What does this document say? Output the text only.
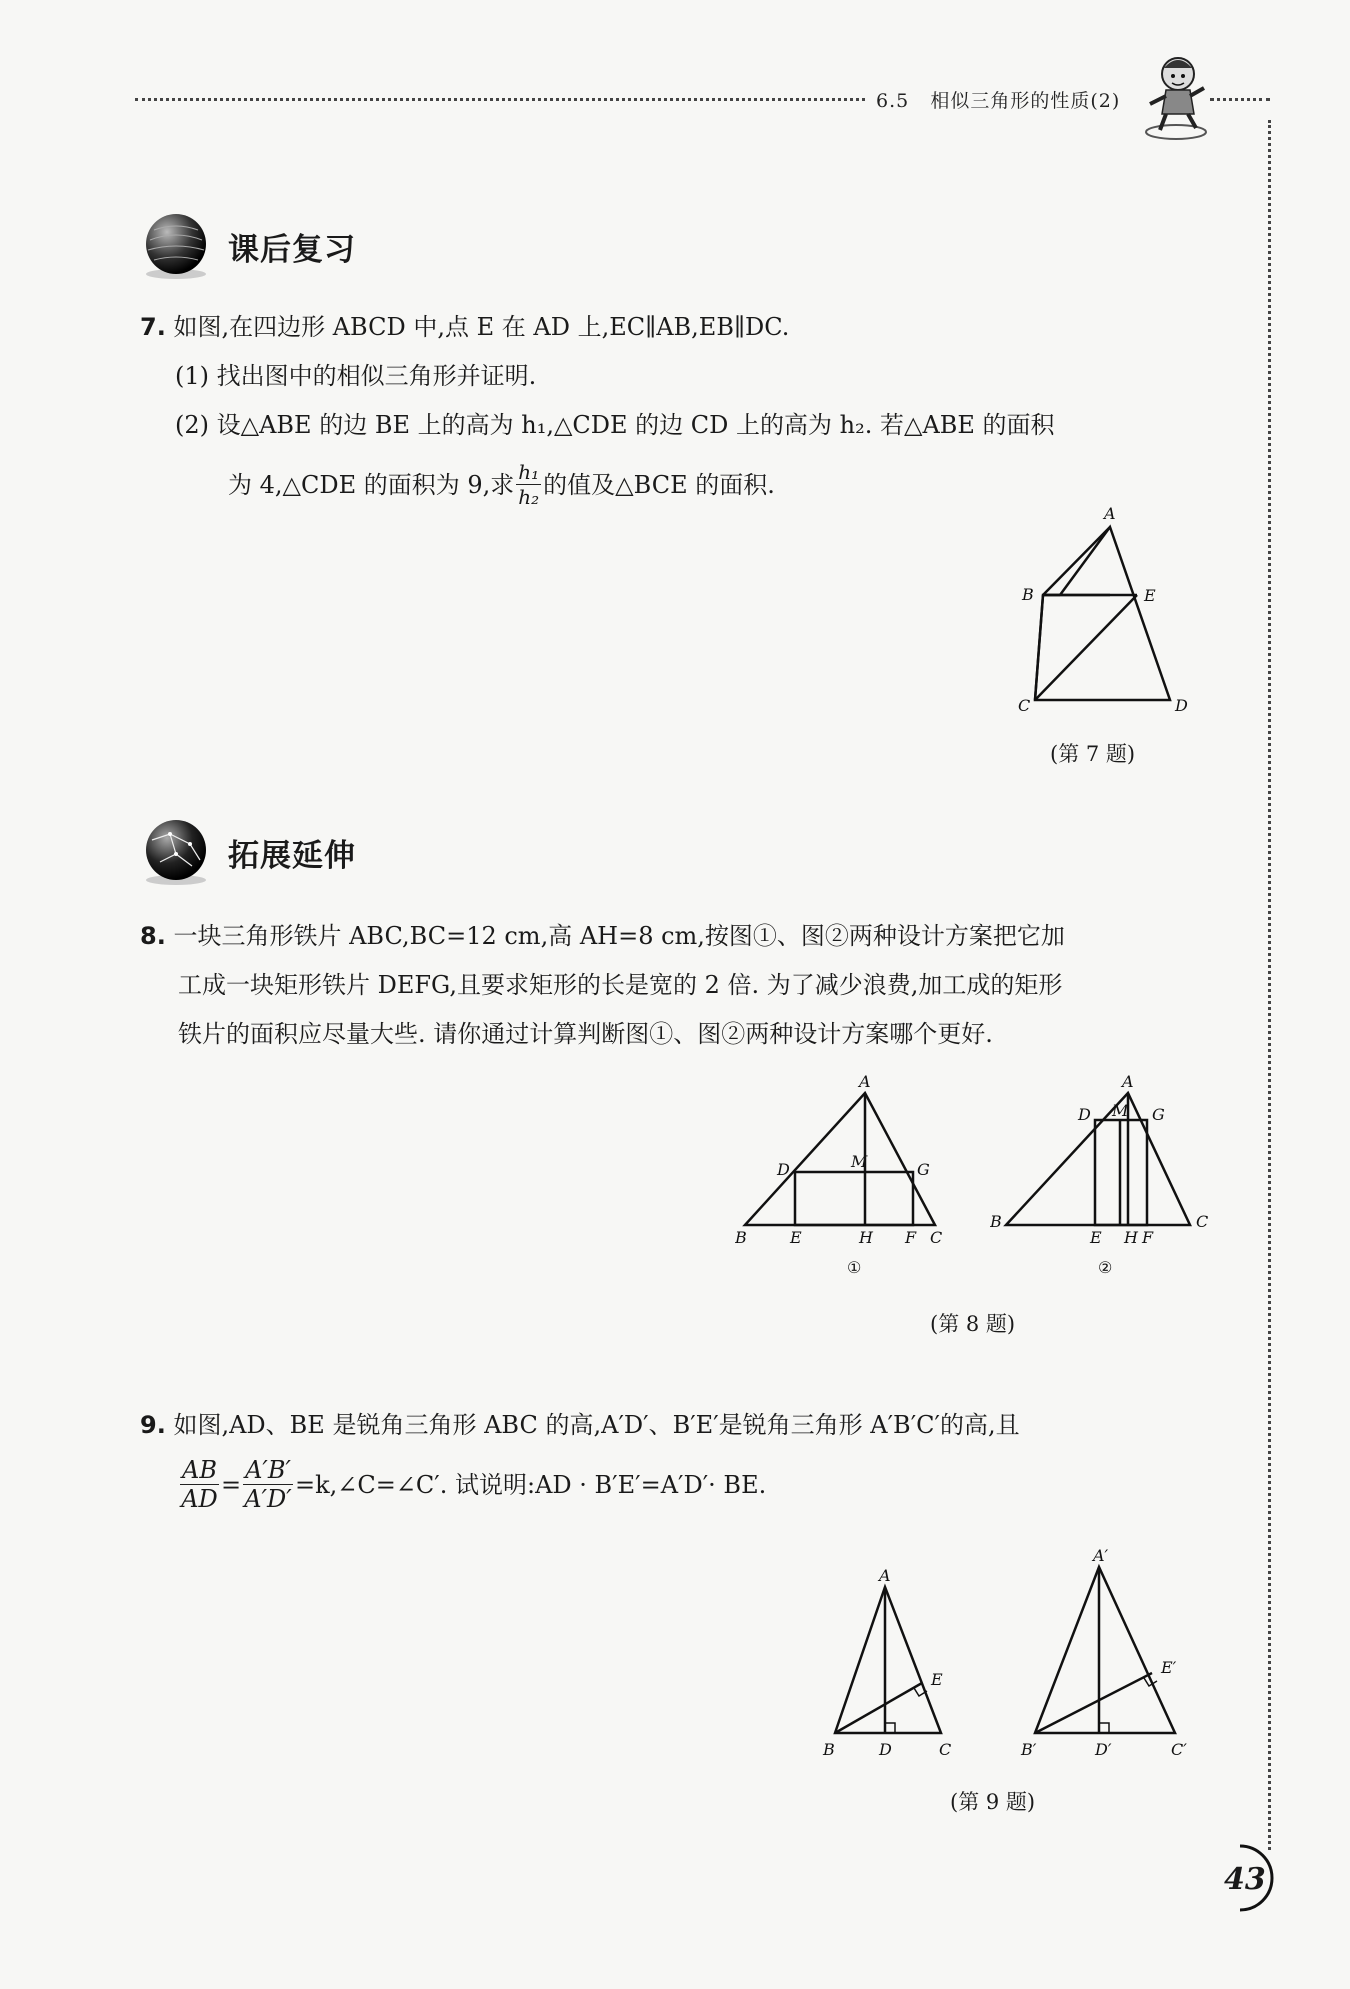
6.5 相似三角形的性质(2)
课后复习
7. 如图,在四边形 ABCD 中,点 E 在 AD 上,EC∥AB,EB∥DC.
(1) 找出图中的相似三角形并证明.
(2) 设△ABE 的边 BE 上的高为 h₁,△CDE 的边 CD 上的高为 h₂. 若△ABE 的面积
为 4,△CDE 的面积为 9,求 $\frac{\text{h₁}}{\text{h₂}}$ 的值及△BCE 的面积.
A
B
C	D
E
(第 7 题)
拓展延伸
8. 一块三角形铁片 ABC,BC=12 cm,高 AH=8 cm,按图①、图②两种设计方案把它加
工成一块矩形铁片 DEFG,且要求矩形的长是宽的 2 倍. 为了减少浪费,加工成的矩形
铁片的面积应尽量大些. 请你通过计算判断图①、图②两种设计方案哪个更好.
A
B	C
D
E	F
G
H
M
①
A
B	C
D
E	F
G
H
M
②
(第 8 题)
9. 如图,AD、BE 是锐角三角形 ABC 的高,A′D′、B′E′是锐角三角形 A′B′C′的高,且
$\frac{AB}{AD} = \frac{A'B'}{A'D'}$ =k,∠C=∠C′. 试说明:AD · B′E′=A′D′· BE.
A
B	C
D
E
A′
B′	C′
D′
E′
(第 9 题)
43
